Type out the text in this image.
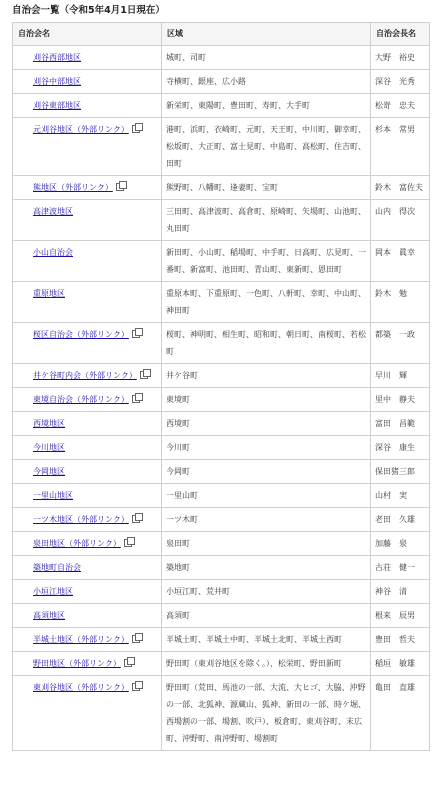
自治会一覧（令和5年4月1日現在）
自治会名	区域	自治会長名
刈谷西部地区	城町、司町	大野　裕史
刈谷中部地区	寺横町、銀座、広小路	深谷　光秀
刈谷東部地区	新栄町、東陽町、豊田町、寿町、大手町	松嵜　忠夫
元刈谷地区（外部リンク）	港町、浜町、衣崎町、元町、天王町、中川町、御幸町、松坂町、大正町、富士見町、中島町、高松町、住吉町、田町	杉本　常男
熊地区（外部リンク）	熊野町、八幡町、逢妻町、宝町	鈴木　富佐夫
高津波地区	三田町、高津波町、高倉町、原崎町、矢場町、山池町、丸田町	山内　得次
小山自治会	新田町、小山町、稲場町、中手町、日高町、広見町、一番町、新富町、池田町、青山町、東新町、恩田町	岡本　眞幸
重原地区	重原本町、下重原町、一色町、八軒町、幸町、中山町、神田町	鈴木　勉
桜区自治会（外部リンク）	桜町、神明町、相生町、昭和町、朝日町、南桜町、若松町	都築　一政
井ケ谷町内会（外部リンク）	井ケ谷町	早川　輝
東境自治会（外部リンク）	東境町	里中　静夫
西境地区	西境町	富田　昌範
今川地区	今川町	深谷　康生
今岡地区	今岡町	保田猪三郎
一里山地区	一里山町	山村　実
一ツ木地区（外部リンク）	一ツ木町	老田　久雄
泉田地区（外部リンク）	泉田町	加藤　泉
築地町自治会	築地町	古荘　健一
小垣江地区	小垣江町、荒井町	神谷　清
高須地区	高須町	根来　辰男
半城土地区（外部リンク）	半城土町、半城土中町、半城土北町、半城土西町	豊田　哲夫
野田地区（外部リンク）	野田町（東刈谷地区を除く。）、松栄町、野田新町	稲垣　敏雄
東刈谷地区（外部リンク）	野田町（荒田、馬池の一部、大流、大ヒゴ、大脇、沖野の一部、北狐神、源蔵山、狐神、新田の一部、時ケ堀、西場割の一部、場割、吹戸）、板倉町、東刈谷町、末広町、沖野町、南沖野町、場割町	亀田　直雄
